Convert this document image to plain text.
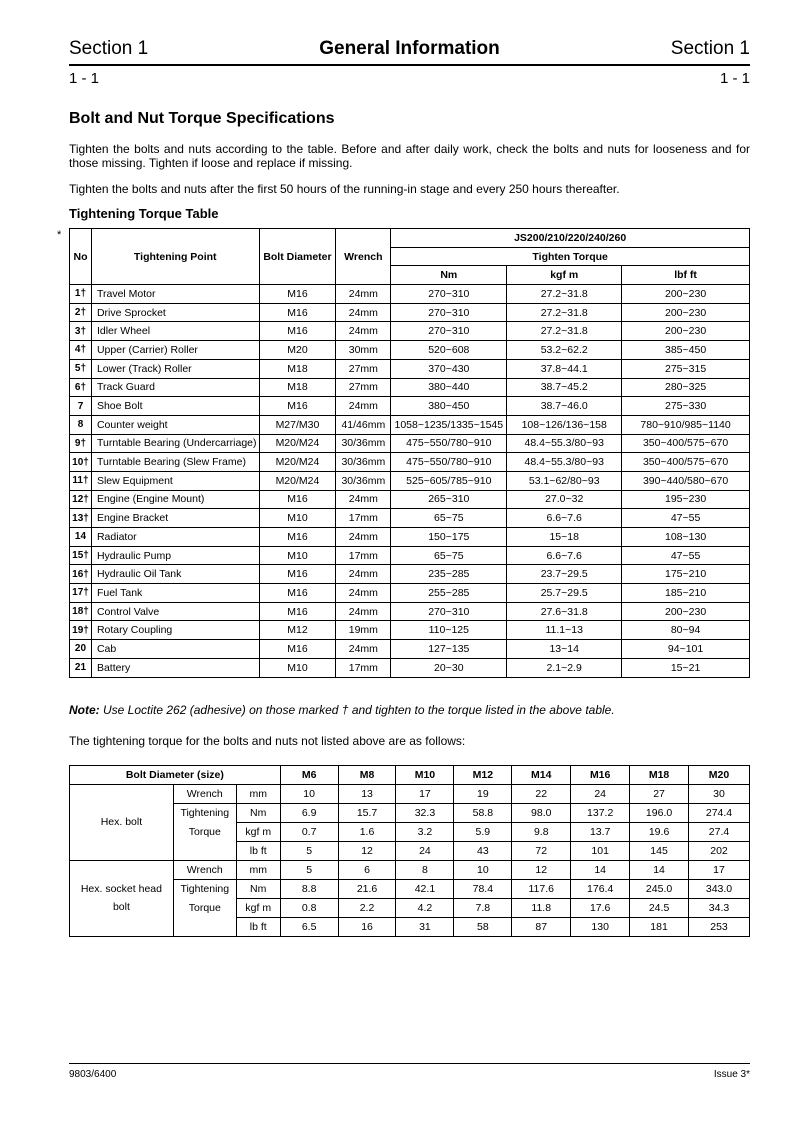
General Information
Section 1	Section 1
1 - 1	1 - 1
Bolt and Nut Torque Specifications
Tighten the bolts and nuts according to the table. Before and after daily work, check the bolts and nuts for looseness and for those missing. Tighten if loose and replace if missing.
Tighten the bolts and nuts after the first 50 hours of the running-in stage and every 250 hours thereafter.
Tightening Torque Table
*
No	Tightening Point	Bolt Diameter	Wrench	JS200/210/220/240/260		
				Tighten Torque		
				Nm	kgf m	lbf ft
1†	Travel Motor	M16	24mm	270~310	27.2~31.8	200~230
2†	Drive Sprocket	M16	24mm	270~310	27.2~31.8	200~230
3†	Idler Wheel	M16	24mm	270~310	27.2~31.8	200~230
4†	Upper (Carrier) Roller	M20	30mm	520~608	53.2~62.2	385~450
5†	Lower (Track) Roller	M18	27mm	370~430	37.8~44.1	275~315
6†	Track Guard	M18	27mm	380~440	38.7~45.2	280~325
7	Shoe Bolt	M16	24mm	380~450	38.7~46.0	275~330
8	Counter weight	M27/M30	41/46mm	1058~1235/1335~1545	108~126/136~158	780~910/985~1140
9†	Turntable Bearing (Undercarriage)	M20/M24	30/36mm	475~550/780~910	48.4~55.3/80~93	350~400/575~670
10†	Turntable Bearing (Slew Frame)	M20/M24	30/36mm	475~550/780~910	48.4~55.3/80~93	350~400/575~670
11†	Slew Equipment	M20/M24	30/36mm	525~605/785~910	53.1~62/80~93	390~440/580~670
12†	Engine (Engine Mount)	M16	24mm	265~310	27.0~32	195~230
13†	Engine Bracket	M10	17mm	65~75	6.6~7.6	47~55
14	Radiator	M16	24mm	150~175	15~18	108~130
15†	Hydraulic Pump	M10	17mm	65~75	6.6~7.6	47~55
16†	Hydraulic Oil Tank	M16	24mm	235~285	23.7~29.5	175~210
17†	Fuel Tank	M16	24mm	255~285	25.7~29.5	185~210
18†	Control Valve	M16	24mm	270~310	27.6~31.8	200~230
19†	Rotary Coupling	M12	19mm	110~125	11.1~13	80~94
20	Cab	M16	24mm	127~135	13~14	94~101
21	Battery	M10	17mm	20~30	2.1~2.9	15~21
Note: Use Loctite 262 (adhesive) on those marked † and tighten to the torque listed in the above table.
The tightening torque for the bolts and nuts not listed above are as follows:
Bolt Diameter (size)			M6	M8	M10	M12	M14	M16	M18	M20
Hex. bolt	Wrench	mm	10	13	17	19	22	24	27	30
	Tightening	Nm	6.9	15.7	32.3	58.8	98.0	137.2	196.0	274.4
	Torque	kgf m	0.7	1.6	3.2	5.9	9.8	13.7	19.6	27.4
		lb ft	5	12	24	43	72	101	145	202

Hex. socket head
bolt	Wrench	mm	5	6	8	10	12	14	14	17
	Tightening	Nm	8.8	21.6	42.1	78.4	117.6	176.4	245.0	343.0
	Torque	kgf m	0.8	2.2	4.2	7.8	11.8	17.6	24.5	34.3
		lb ft	6.5	16	31	58	87	130	181	253
9803/6400	Issue 3*
